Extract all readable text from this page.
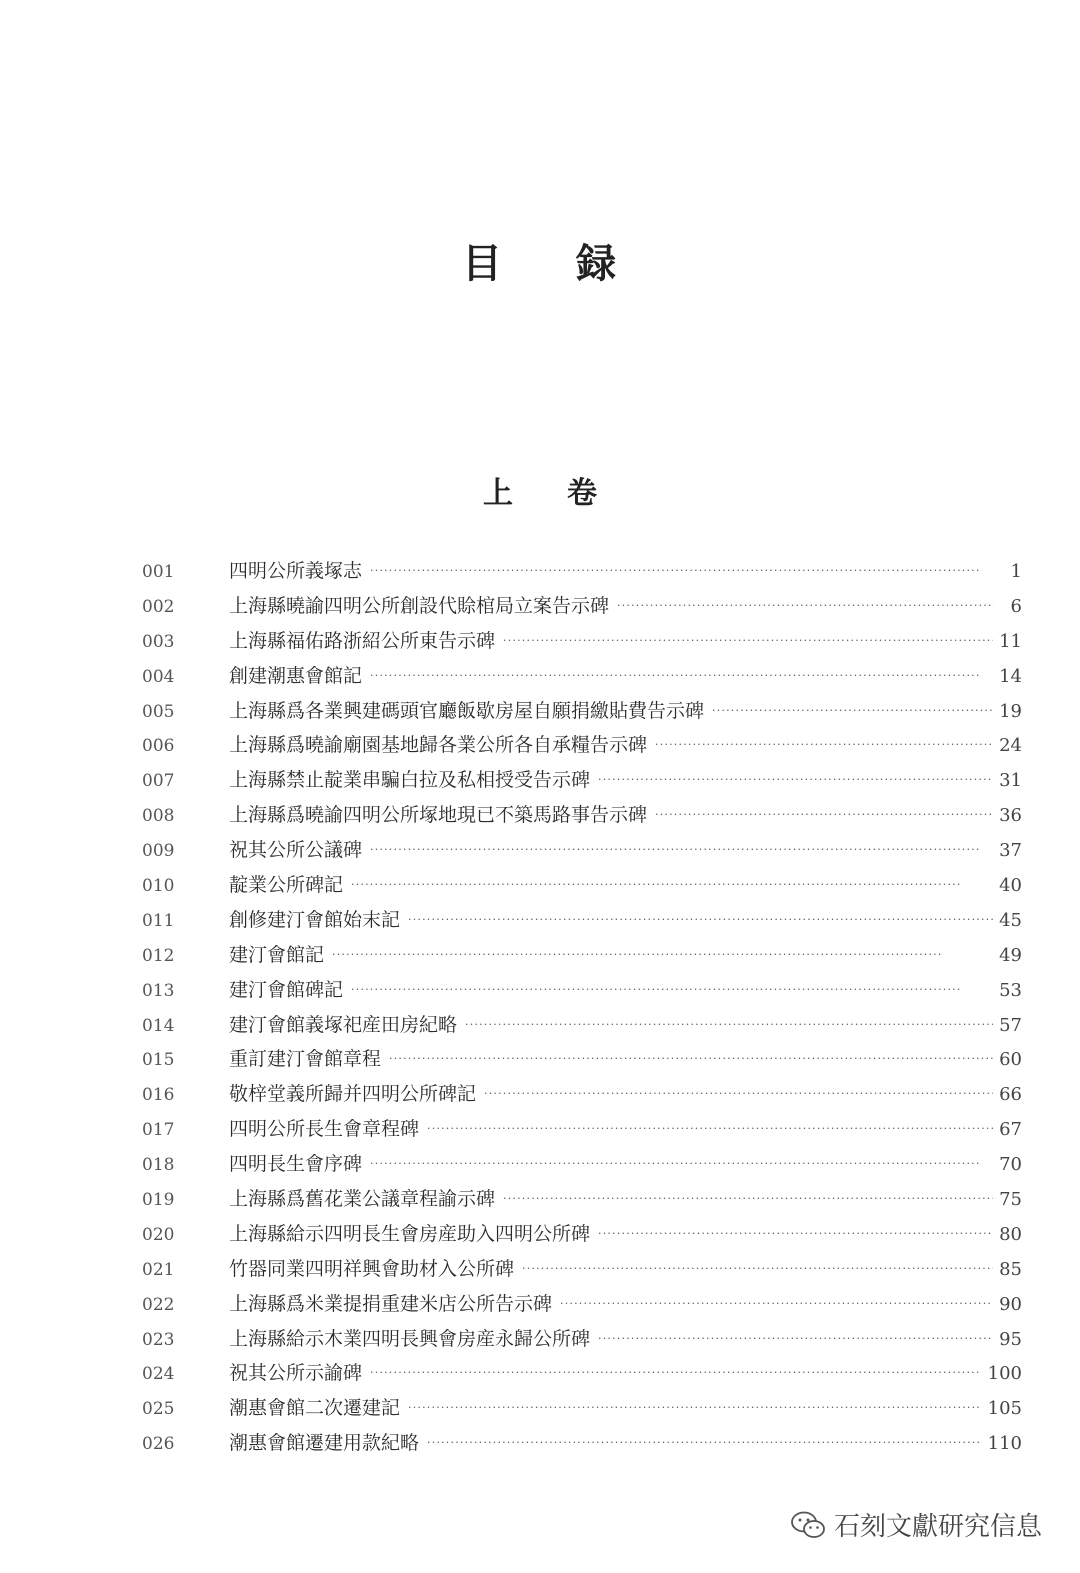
目 録
上 卷
001	四明公所義塚志 ·····	1
002	上海縣曉諭四明公所創設代賒棺局立案告示碑 ·····	6
003	上海縣福佑路浙紹公所東告示碑 ·····	11
004	創建潮惠會館記 ·····	14
005	上海縣爲各業興建碼頭官廳飯歇房屋自願捐繳貼費告示碑 ·····	19
006	上海縣爲曉諭廟園基地歸各業公所各自承糧告示碑 ·····	24
007	上海縣禁止靛業串騙白拉及私相授受告示碑 ·····	31
008	上海縣爲曉諭四明公所塚地現已不築馬路事告示碑 ·····	36
009	祝其公所公議碑 ·····	37
010	靛業公所碑記 ·····	40
011	創修建汀會館始末記 ·····	45
012	建汀會館記 ·····	49
013	建汀會館碑記 ·····	53
014	建汀會館義塚祀産田房紀略 ·····	57
015	重訂建汀會館章程 ·····	60
016	敬梓堂義所歸并四明公所碑記 ·····	66
017	四明公所長生會章程碑 ·····	67
018	四明長生會序碑 ·····	70
019	上海縣爲舊花業公議章程諭示碑 ·····	75
020	上海縣給示四明長生會房産助入四明公所碑 ·····	80
021	竹器同業四明祥興會助材入公所碑 ·····	85
022	上海縣爲米業提捐重建米店公所告示碑 ·····	90
023	上海縣給示木業四明長興會房産永歸公所碑 ·····	95
024	祝其公所示諭碑 ·····	100
025	潮惠會館二次遷建記 ·····	105
026	潮惠會館遷建用款紀略 ·····	110
石刻文獻研究信息
